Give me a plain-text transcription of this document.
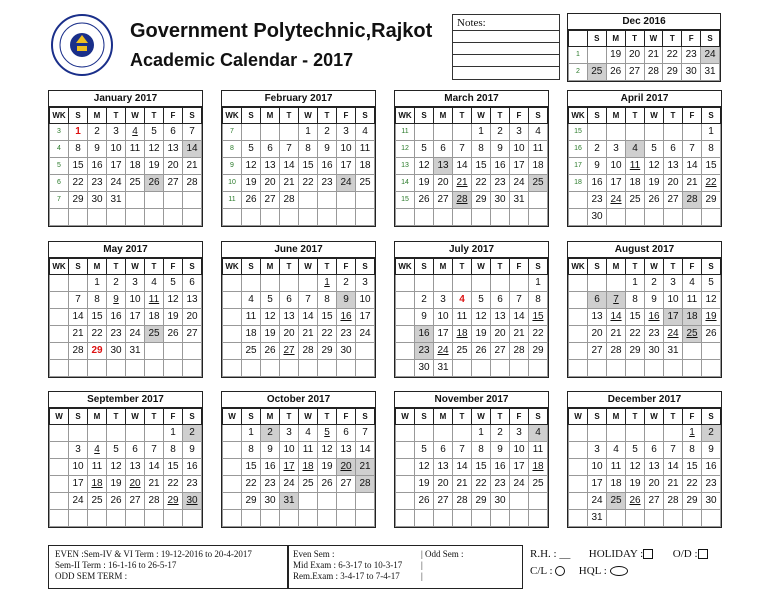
Government Polytechnic,Rajkot
Academic Calendar - 2017
Notes:	Dec 2016
	S	M	T	W	T	F	S
1		19	20	21	22	23	24
2	25	26	27	28	29	30	31
January 2017
WK	S	M	T	W	T	F	S
3	1	2	3	4	5	6	7
4	8	9	10	11	12	13	14
5	15	16	17	18	19	20	21
6	22	23	24	25	26	27	28
7	29	30	31				

February 2017
WK	S	M	T	W	T	F	S
7				1	2	3	4
8	5	6	7	8	9	10	11
9	12	13	14	15	16	17	18
10	19	20	21	22	23	24	25
11	26	27	28				

March 2017
WK	S	M	T	W	T	F	S
11				1	2	3	4
12	5	6	7	8	9	10	11
13	12	13	14	15	16	17	18
14	19	20	21	22	23	24	25
15	26	27	28	29	30	31	

April 2017
WK	S	M	T	W	T	F	S
15							1
16	2	3	4	5	6	7	8
17	9	10	11	12	13	14	15
18	16	17	18	19	20	21	22
	23	24	25	26	27	28	29
	30						
May 2017
WK	S	M	T	W	T	F	S
		1	2	3	4	5	6
	7	8	9	10	11	12	13
	14	15	16	17	18	19	20
	21	22	23	24	25	26	27
	28	29	30	31			

June 2017
WK	S	M	T	W	T	F	S
					1	2	3
	4	5	6	7	8	9	10
	11	12	13	14	15	16	17
	18	19	20	21	22	23	24
	25	26	27	28	29	30	

July 2017
WK	S	M	T	W	T	F	S
							1
	2	3	4	5	6	7	8
	9	10	11	12	13	14	15
	16	17	18	19	20	21	22
	23	24	25	26	27	28	29
	30	31					
August 2017
WK	S	M	T	W	T	F	S
			1	2	3	4	5
	6	7	8	9	10	11	12
	13	14	15	16	17	18	19
	20	21	22	23	24	25	26
	27	28	29	30	31		

September 2017
W	S	M	T	W	T	F	S
						1	2
	3	4	5	6	7	8	9
	10	11	12	13	14	15	16
	17	18	19	20	21	22	23
	24	25	26	27	28	29	30

October 2017
W	S	M	T	W	T	F	S
	1	2	3	4	5	6	7
	8	9	10	11	12	13	14
	15	16	17	18	19	20	21
	22	23	24	25	26	27	28
	29	30	31				

November 2017
W	S	M	T	W	T	F	S
				1	2	3	4
	5	6	7	8	9	10	11
	12	13	14	15	16	17	18
	19	20	21	22	23	24	25
	26	27	28	29	30		

December 2017
W	S	M	T	W	T	F	S
						1	2
	3	4	5	6	7	8	9
	10	11	12	13	14	15	16
	17	18	19	20	21	22	23
	24	25	26	27	28	29	30
	31						
EVEN :Sem-IV & VI Term : 19-12-2016 to 20-4-2017
Sem-II Term : 16-1-16 to 26-5-17
ODD SEM TERM :
Even Sem :	| Odd Sem :
Mid Exam : 6-3-17 to 10-3-17 |
Rem.Exam : 3-4-17 to 7-4-17 |
R.H. : __ HOLIDAY :	O/D :
C/L : HQL :
